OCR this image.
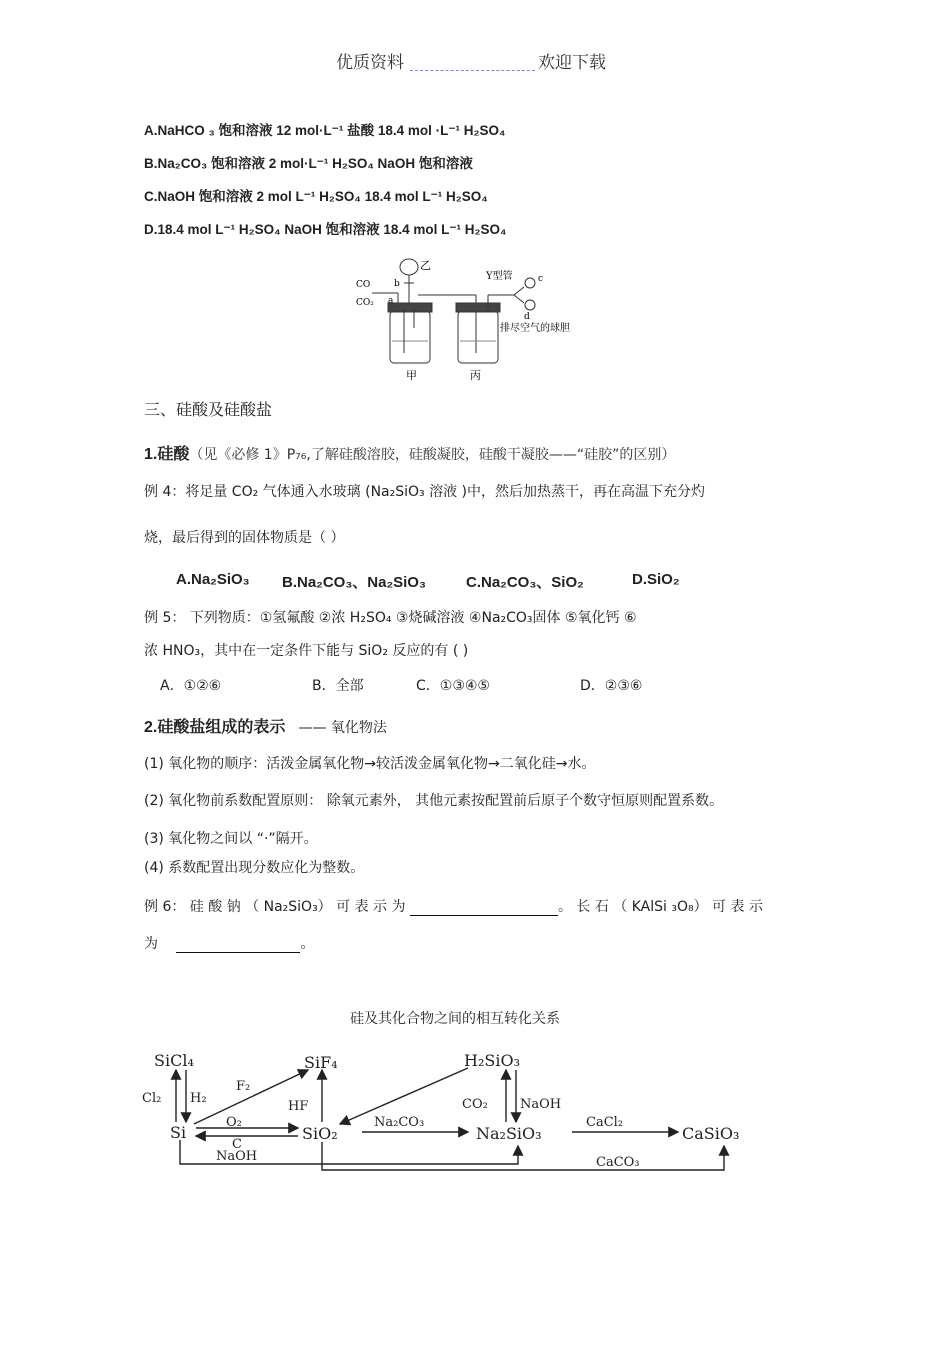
优质资料	欢迎下载
A.NaHCO ₃ 饱和溶液 12 mol·L⁻¹ 盐酸 18.4 mol ·L⁻¹ H₂SO₄
B.Na₂CO₃ 饱和溶液 2 mol·L⁻¹ H₂SO₄ NaOH 饱和溶液
C.NaOH 饱和溶液 2 mol L⁻¹ H₂SO₄ 18.4 mol L⁻¹ H₂SO₄
D.18.4 mol L⁻¹ H₂SO₄ NaOH 饱和溶液 18.4 mol L⁻¹ H₂SO₄
CO
CO₂
b
a
乙
Y型管	c
d
排尽空气的球胆
甲	丙
三、硅酸及硅酸盐
1.硅酸（见《必修 1》P₇₆,了解硅酸溶胶，硅酸凝胶，硅酸干凝胶——“硅胶”的区别）
例 4：将足量 CO₂ 气体通入水玻璃 (Na₂SiO₃ 溶液 )中，然后加热蒸干，再在高温下充分灼
烧，最后得到的固体物质是（ ）
A.Na₂SiO₃ B.Na₂CO₃、Na₂SiO₃	C.Na₂CO₃、SiO₂	D.SiO₂
例 5： 下列物质：①氢氟酸 ②浓 H₂SO₄ ③烧碱溶液 ④Na₂CO₃固体 ⑤氧化钙 ⑥
浓 HNO₃，其中在一定条件下能与 SiO₂ 反应的有 ( )
A．①②⑥	B．全部	C．①③④⑤	D．②③⑥
2.硅酸盐组成的表示 —— 氧化物法
(1) 氧化物的顺序：活泼金属氧化物→较活泼金属氧化物→二氧化硅→水。
(2) 氧化物前系数配置原则： 除氧元素外， 其他元素按配置前后原子个数守恒原则配置系数。
(3) 氧化物之间以 “·”隔开。
(4) 系数配置出现分数应化为整数。
例 6： 硅 酸 钠 （ Na₂SiO₃） 可 表 示 为	。 长 石 （ KAlSi ₃O₈） 可 表 示
为	。
硅及其化合物之间的相互转化关系
SiCl₄	SiF₄	H₂SiO₃
Si	SiO₂	Na₂SiO₃	CaSiO₃
Cl₂ H₂
F₂
HF
O₂
C
NaOH
Na₂CO₃
CO₂ NaOH
CaCl₂
CaCO₃
